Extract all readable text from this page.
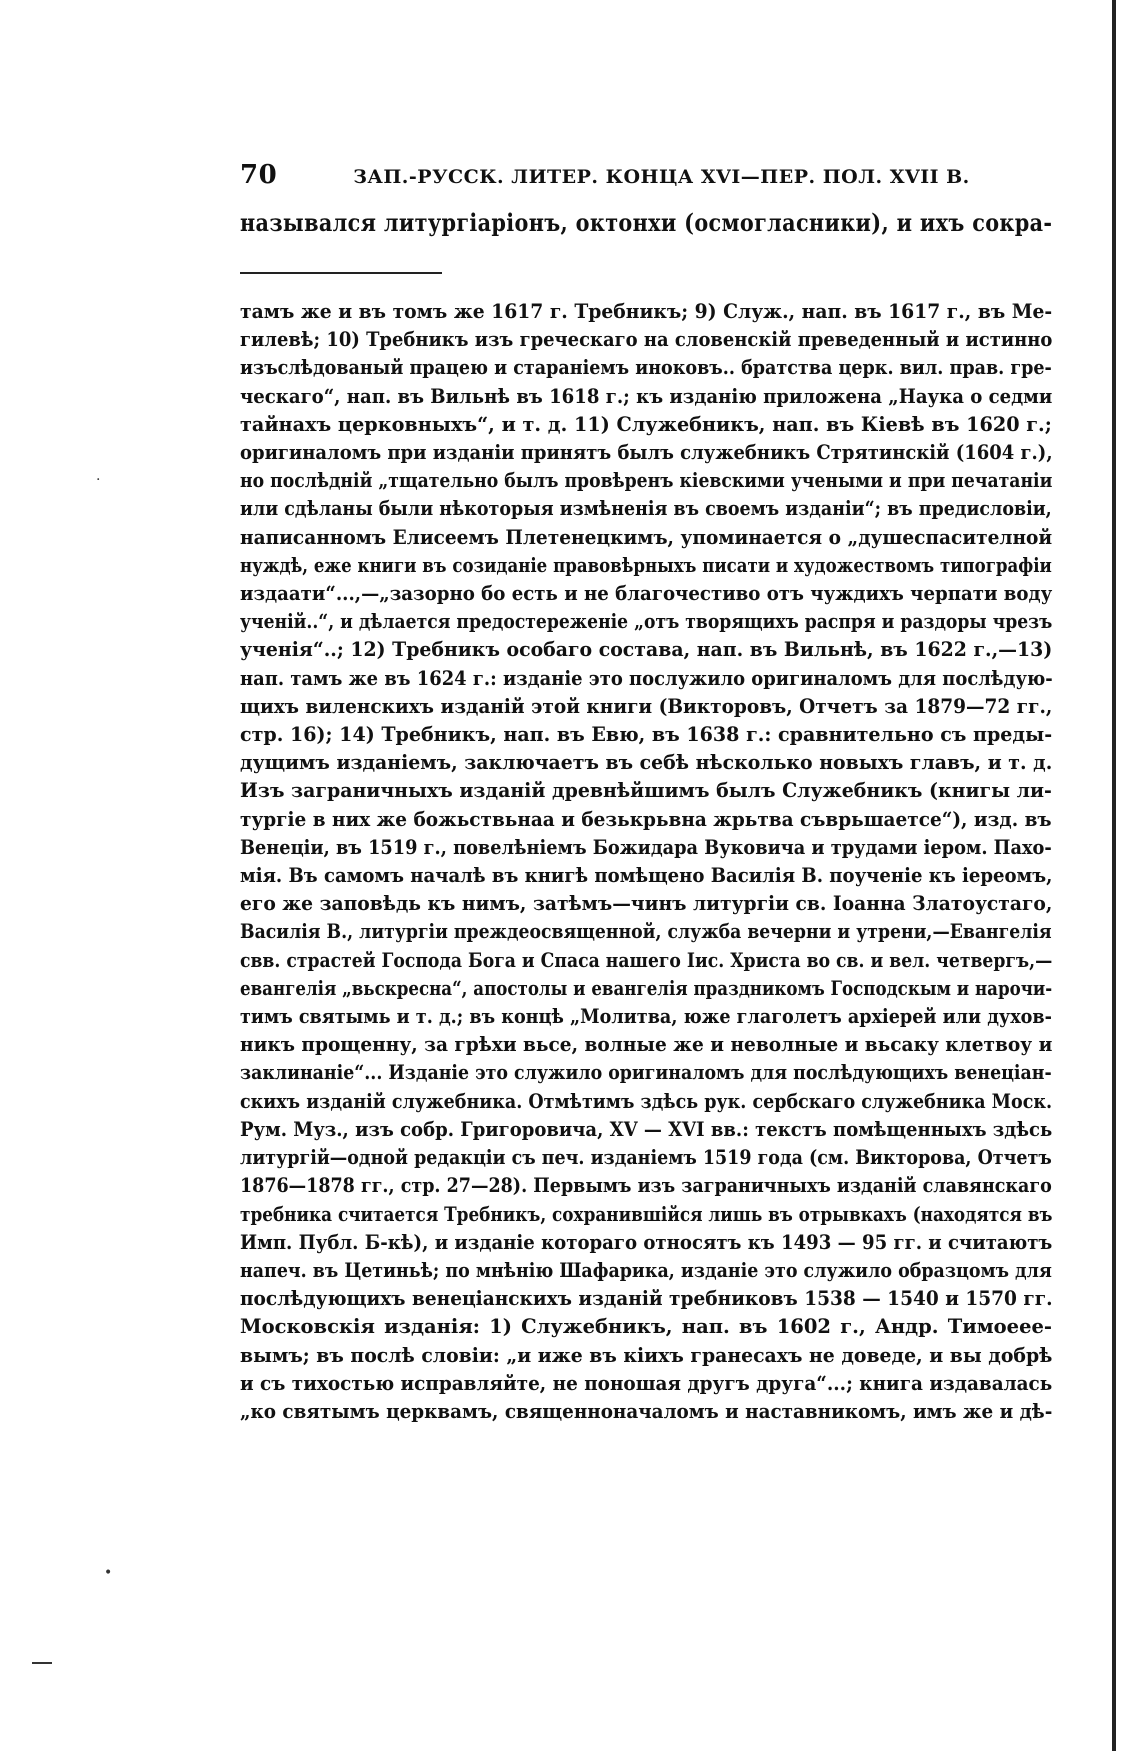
70	ЗАП.-РУССК. ЛИТЕР. КОНЦА XVI—ПЕР. ПОЛ. XVII В.
назывался литургіаріонъ, октонхи (осмогласники), и ихъ сокра-
тамъ же и въ томъ же 1617 г. Требникъ; 9) Служ., нап. въ 1617 г., въ Ме-
гилевѣ; 10) Требникъ изъ греческаго на словенскій преведенный и истинно
изъслѣдованый працею и стараніемъ иноковъ.. братства церк. вил. прав. гре-
ческаго“, нап. въ Вильнѣ въ 1618 г.; къ изданію приложена „Наука о седми
тайнахъ церковныхъ“, и т. д. 11) Служебникъ, нап. въ Кіевѣ въ 1620 г.;
оригиналомъ при изданіи принятъ былъ служебникъ Стрятинскій (1604 г.),
но послѣдній „тщательно былъ провѣренъ кіевскими учеными и при печатаніи
или сдѣланы были нѣкоторыя измѣненія въ своемъ изданіи“; въ предисловіи,
написанномъ Елисеемъ Плетенецкимъ, упоминается о „душеспасителной
нуждѣ, еже книги въ созиданіе правовѣрныхъ писати и художествомъ типографіи
издаати“...,—„зазорно бо есть и не благочестиво отъ чуждихъ черпати воду
ученій..“, и дѣлается предостереженіе „отъ творящихъ распря и раздоры чрезъ
ученія“..; 12) Требникъ особаго состава, нап. въ Вильнѣ, въ 1622 г.,—13)
нап. тамъ же въ 1624 г.: изданіе это послужило оригиналомъ для послѣдую-
щихъ виленскихъ изданій этой книги (Викторовъ, Отчетъ за 1879—72 гг.,
стр. 16); 14) Требникъ, нап. въ Евю, въ 1638 г.: сравнительно съ преды-
дущимъ изданіемъ, заключаетъ въ себѣ нѣсколько новыхъ главъ, и т. д.
Изъ заграничныхъ изданій древнѣйшимъ былъ Служебникъ (книгы ли-
тургіе в них же божьствьнаа и безькрьвна жрьтва съврьшаетсе“), изд. въ
Венеціи, въ 1519 г., повелѣніемъ Божидара Вуковича и трудами іером. Пахо-
мія. Въ самомъ началѣ въ книгѣ помѣщено Василія В. поученіе къ іереомъ,
его же заповѣдь къ нимъ, затѣмъ—чинъ литургіи св. Іоанна Златоустаго,
Василія В., литургіи преждеосвященной, служба вечерни и утрени,—Евангелія
свв. страстей Господа Бога и Спаса нашего Іис. Христа во св. и вел. четвергъ,—
евангелія „вьскресна“, апостолы и евангелія праздникомъ Господскым и нарочи-
тимъ святымь и т. д.; въ концѣ „Молитва, юже глаголетъ архіерей или духов-
никъ прощенну, за грѣхи вьсе, волные же и неволные и вьсаку клетвоу и
заклинаніе“... Изданіе это служило оригиналомъ для послѣдующихъ венеціан-
скихъ изданій служебника. Отмѣтимъ здѣсь рук. сербскаго служебника Моск.
Рум. Муз., изъ собр. Григоровича, XV — XVI вв.: текстъ помѣщенныхъ здѣсь
литургій—одной редакціи съ печ. изданіемъ 1519 года (см. Викторова, Отчетъ
1876—1878 гг., стр. 27—28). Первымъ изъ заграничныхъ изданій славянскаго
требника считается Требникъ, сохранившійся лишь въ отрывкахъ (находятся въ
Имп. Публ. Б-кѣ), и изданіе котораго относятъ къ 1493 — 95 гг. и считаютъ
напеч. въ Цетиньѣ; по мнѣнію Шафарика, изданіе это служило образцомъ для
послѣдующихъ венеціанскихъ изданій требниковъ 1538 — 1540 и 1570 гг.
Московскія изданія: 1) Служебникъ, нап. въ 1602 г., Андр. Тимоеее-
вымъ; въ послѣ словіи: „и иже въ кіихъ гранесахъ не доведе, и вы добрѣ
и съ тихостью исправляйте, не поношая другъ друга“...; книга издавалась
„ко святымъ церквамъ, священноначаломъ и наставникомъ, имъ же и дѣ-
.
•
